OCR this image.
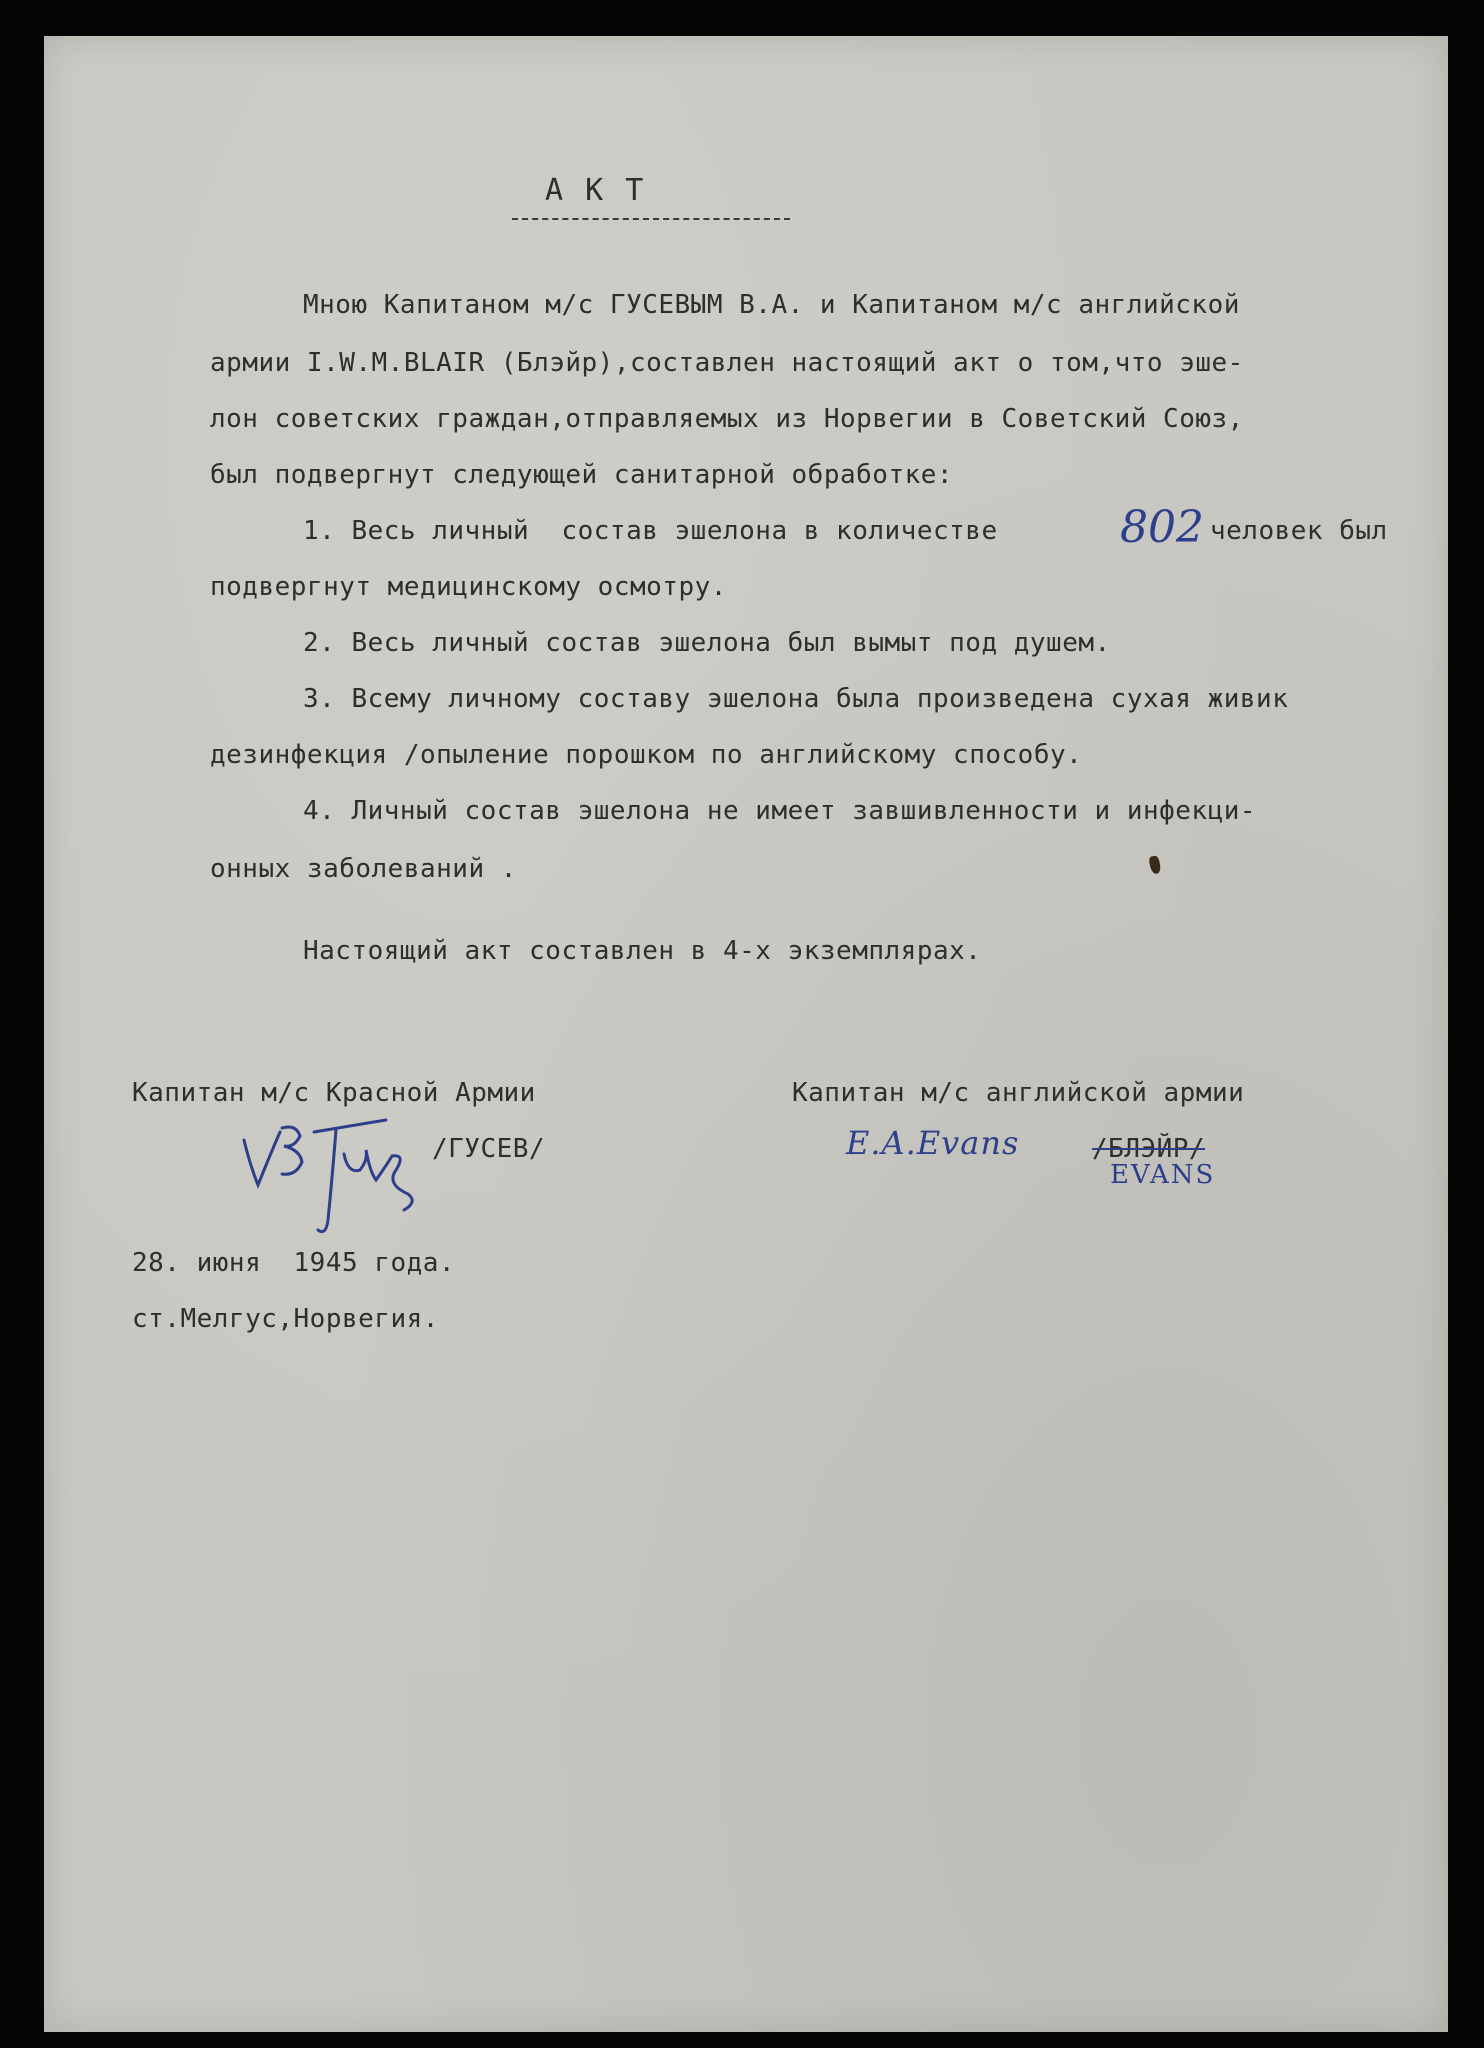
А К Т
Мною Капитаном м/с ГУСЕВЫМ В.А. и Капитаном м/с английской
армии I.W.M.BLAIR (Блэйр),составлен настоящий акт о том,что эше-
лон советских граждан,отправляемых из Норвегии в Советский Союз,
был подвергнут следующей санитарной обработке:
1. Весь личный  состав эшелона в количестве	802 человек был
подвергнут медицинскому осмотру.
2. Весь личный состав эшелона был вымыт под душем.
3. Всему личному составу эшелона была произведена сухая живик
дезинфекция /опыление порошком по английскому способу.
4. Личный состав эшелона не имеет завшивленности и инфекци-
онных заболеваний .
Настоящий акт составлен в 4-х экземплярах.
Капитан м/с Красной Армии	Капитан м/с английской армии
/ГУСЕВ/	E.A.Evans	/БЛЭЙР/
EVANS
28. июня  1945 года.
ст.Мелгус,Норвегия.
